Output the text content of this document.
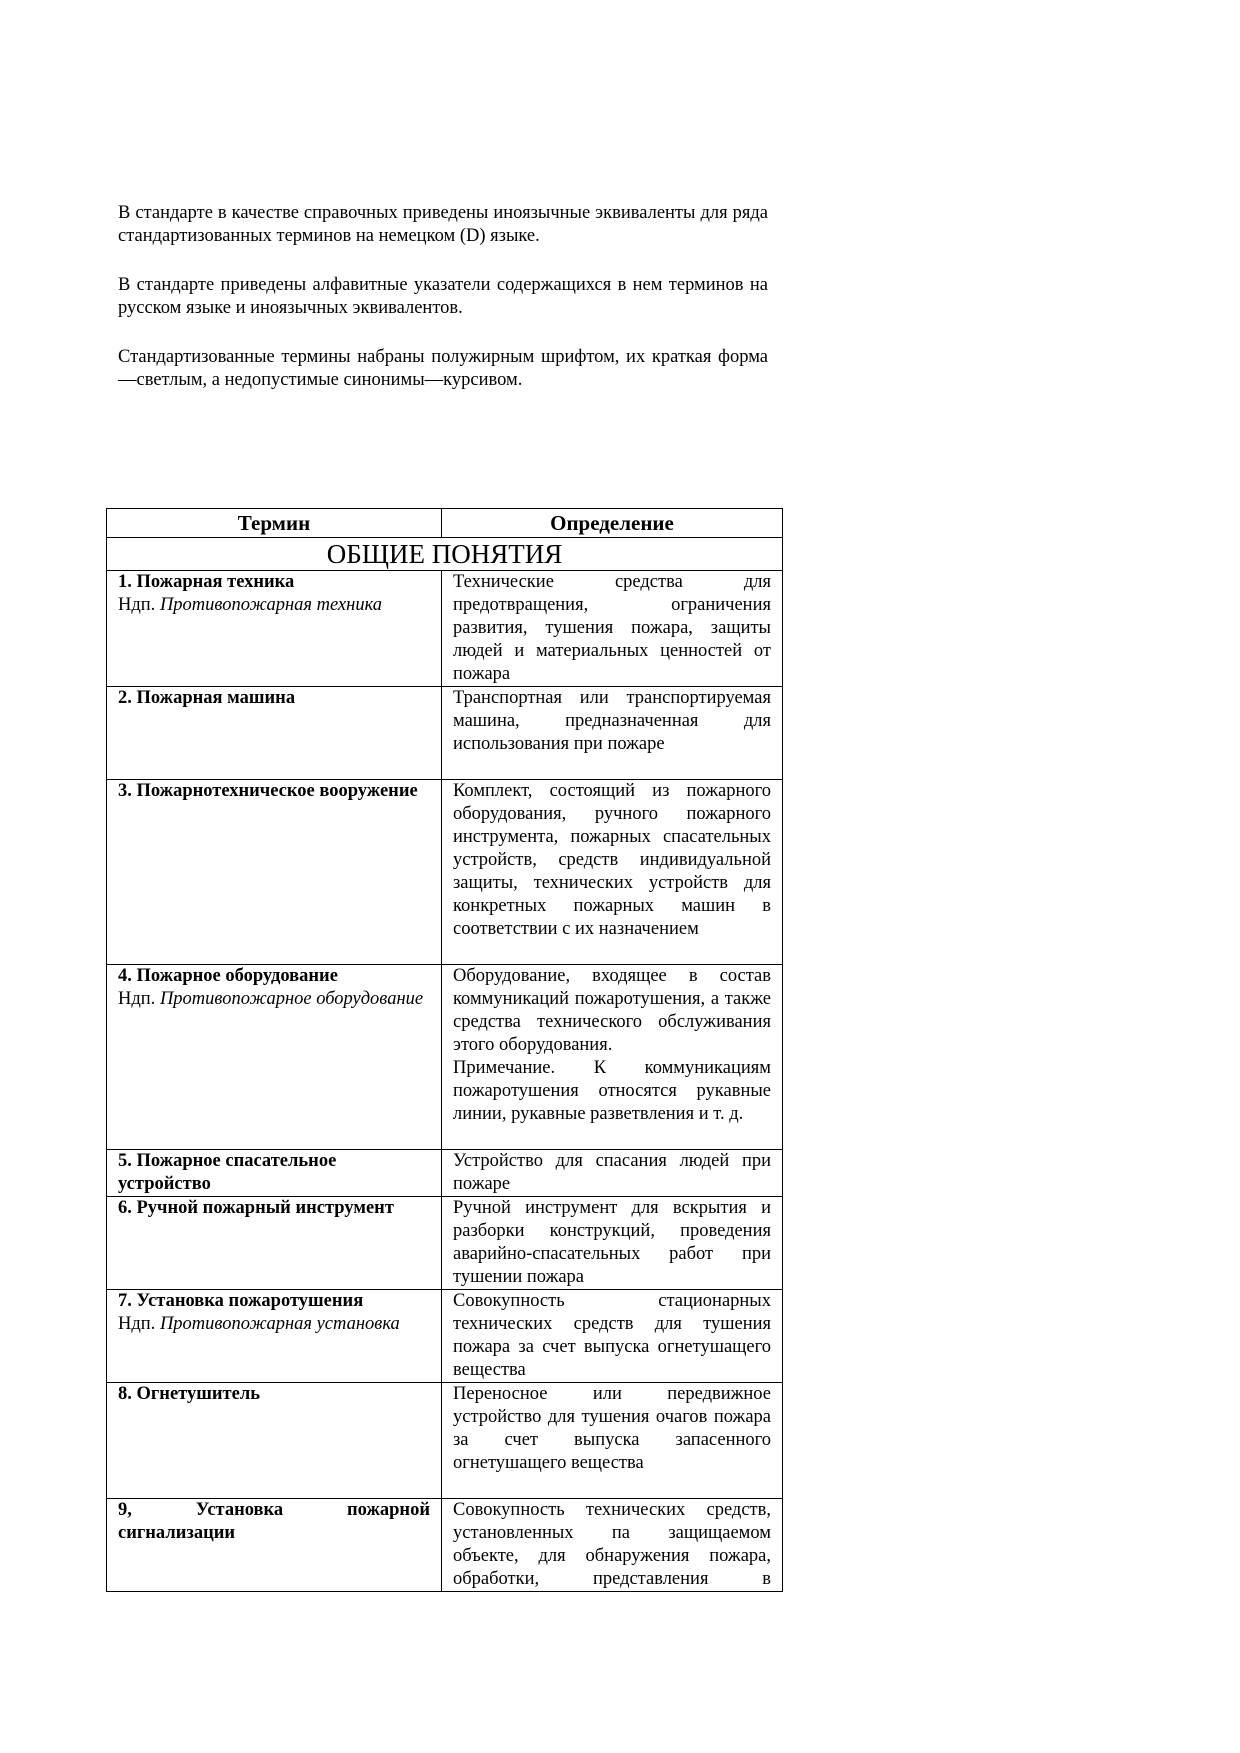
В стандарте в качестве справочных приведены иноязычные эквиваленты для ряда стандартизованных терминов на немецком (D) языке.

В стандарте приведены алфавитные указатели содержащихся в нем терминов на русском языке и иноязычных эквивалентов.

Стандартизованные термины набраны полужирным шрифтом, их краткая форма—светлым, а недопустимые синонимы—курсивом.

Термин	Определение
ОБЩИЕ ПОНЯТИЯ	

1. Пожарная техника
Ндп. Противопожарная техника	Технические средства для предотвращения, ограничения развития, тушения пожара, защиты людей и материальных ценностей от пожара

2. Пожарная машина	Транспортная или транспортируемая машина, предназначенная для использования при пожаре

3. Пожарнотехническое вооружение	Комплект, состоящий из пожарного оборудования, ручного пожарного инструмента, пожарных спасательных устройств, средств индивидуальной защиты, технических устройств для конкретных пожарных машин в соответствии с их назначением

4. Пожарное оборудование
Ндп. Противопожарное оборудование	Оборудование, входящее в состав коммуникаций пожаротушения, а также средства технического обслуживания этого оборудования.
Примечание. К коммуникациям пожаротушения относятся рукавные линии, рукавные разветвления и т. д.

5. Пожарное спасательное устройство	Устройство для спасания людей при пожаре

6. Ручной пожарный инструмент	Ручной инструмент для вскрытия и разборки конструкций, проведения аварийно-спасательных работ при тушении пожара

7. Установка пожаротушения
Ндп. Противопожарная установка	Совокупность стационарных технических средств для тушения пожара за счет выпуска огнетушащего вещества

8. Огнетушитель	Переносное или передвижное устройство для тушения очагов пожара за счет выпуска запасенного огнетушащего вещества

9, Установка пожарной сигнализации	Совокупность технических средств, установленных па защищаемом объекте, для обнаружения пожара, обработки, представления в
